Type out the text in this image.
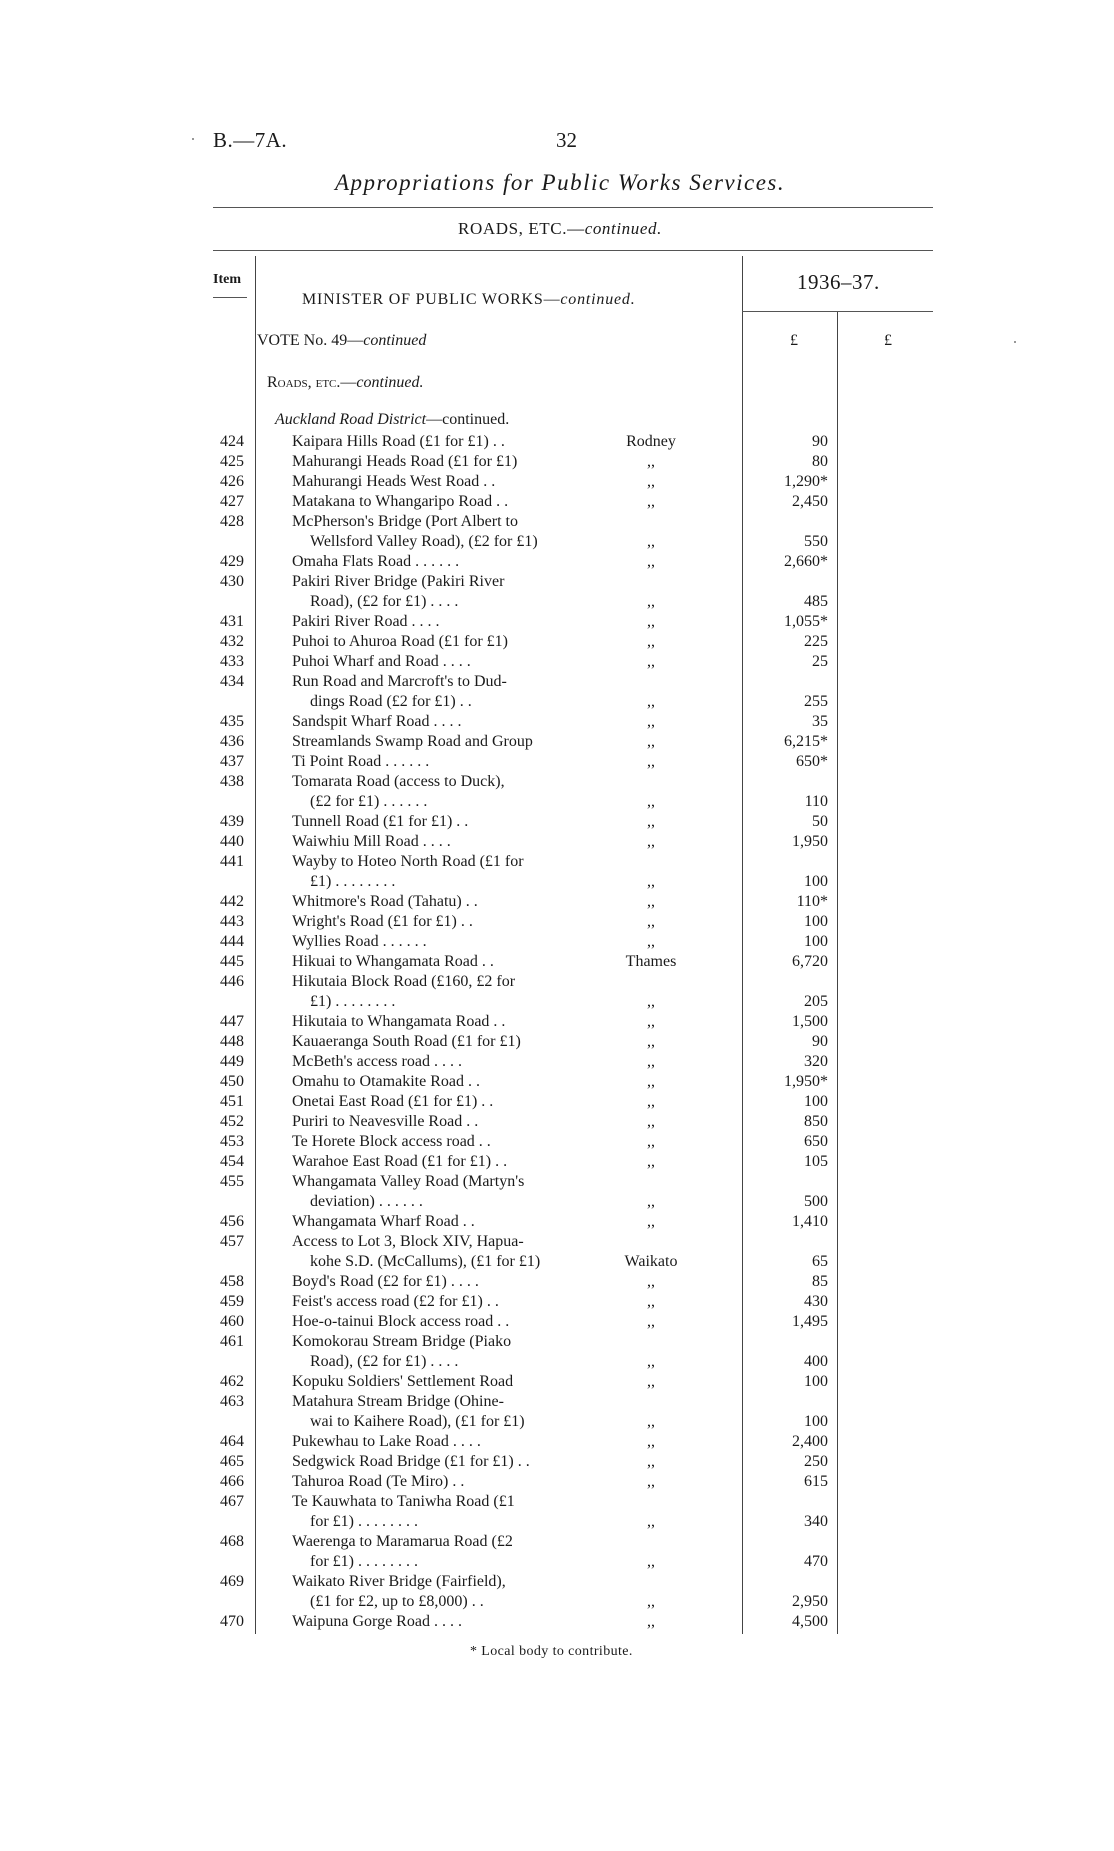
B.—7A.	32
Appropriations for Public Works Services.
ROADS, ETC.—continued.
Item
MINISTER OF PUBLIC WORKS—continued.
1936–37.
VOTE No. 49—continued	£	£
Roads, etc.—continued.
Auckland Road District—continued.
424	Kaipara Hills Road (£1 for £1) . .	Rodney	90
425	Mahurangi Heads Road (£1 for £1)	,,	80
426	Mahurangi Heads West Road . .	,,	1,290*
427	Matakana to Whangaripo Road . .	,,	2,450
428	McPherson's Bridge (Port Albert to
Wellsford Valley Road), (£2 for £1)	,,	550
429	Omaha Flats Road . . . . . .	,,	2,660*
430	Pakiri River Bridge (Pakiri River
Road), (£2 for £1) . . . .	,,	485
431	Pakiri River Road . . . .	,,	1,055*
432	Puhoi to Ahuroa Road (£1 for £1)	,,	225
433	Puhoi Wharf and Road . . . .	,,	25
434	Run Road and Marcroft's to Dud-
dings Road (£2 for £1) . .	,,	255
435	Sandspit Wharf Road . . . .	,,	35
436	Streamlands Swamp Road and Group	,,	6,215*
437	Ti Point Road . . . . . .	,,	650*
438	Tomarata Road (access to Duck),
(£2 for £1) . . . . . .	,,	110
439	Tunnell Road (£1 for £1) . .	,,	50
440	Waiwhiu Mill Road . . . .	,,	1,950
441	Wayby to Hoteo North Road (£1 for
£1) . . . . . . . .	,,	100
442	Whitmore's Road (Tahatu) . .	,,	110*
443	Wright's Road (£1 for £1) . .	,,	100
444	Wyllies Road . . . . . .	,,	100
445	Hikuai to Whangamata Road . .	Thames	6,720
446	Hikutaia Block Road (£160, £2 for
£1) . . . . . . . .	,,	205
447	Hikutaia to Whangamata Road . .	,,	1,500
448	Kauaeranga South Road (£1 for £1)	,,	90
449	McBeth's access road . . . .	,,	320
450	Omahu to Otamakite Road . .	,,	1,950*
451	Onetai East Road (£1 for £1) . .	,,	100
452	Puriri to Neavesville Road . .	,,	850
453	Te Horete Block access road . .	,,	650
454	Warahoe East Road (£1 for £1) . .	,,	105
455	Whangamata Valley Road (Martyn's
deviation) . . . . . .	,,	500
456	Whangamata Wharf Road . .	,,	1,410
457	Access to Lot 3, Block XIV, Hapua-
kohe S.D. (McCallums), (£1 for £1)	Waikato	65
458	Boyd's Road (£2 for £1) . . . .	,,	85
459	Feist's access road (£2 for £1) . .	,,	430
460	Hoe-o-tainui Block access road . .	,,	1,495
461	Komokorau Stream Bridge (Piako
Road), (£2 for £1) . . . .	,,	400
462	Kopuku Soldiers' Settlement Road	,,	100
463	Matahura Stream Bridge (Ohine-
wai to Kaihere Road), (£1 for £1)	,,	100
464	Pukewhau to Lake Road . . . .	,,	2,400
465	Sedgwick Road Bridge (£1 for £1) . .	,,	250
466	Tahuroa Road (Te Miro) . .	,,	615
467	Te Kauwhata to Taniwha Road (£1
for £1) . . . . . . . .	,,	340
468	Waerenga to Maramarua Road (£2
for £1) . . . . . . . .	,,	470
469	Waikato River Bridge (Fairfield),
(£1 for £2, up to £8,000) . .	,,	2,950
470	Waipuna Gorge Road . . . .	,,	4,500
* Local body to contribute.
